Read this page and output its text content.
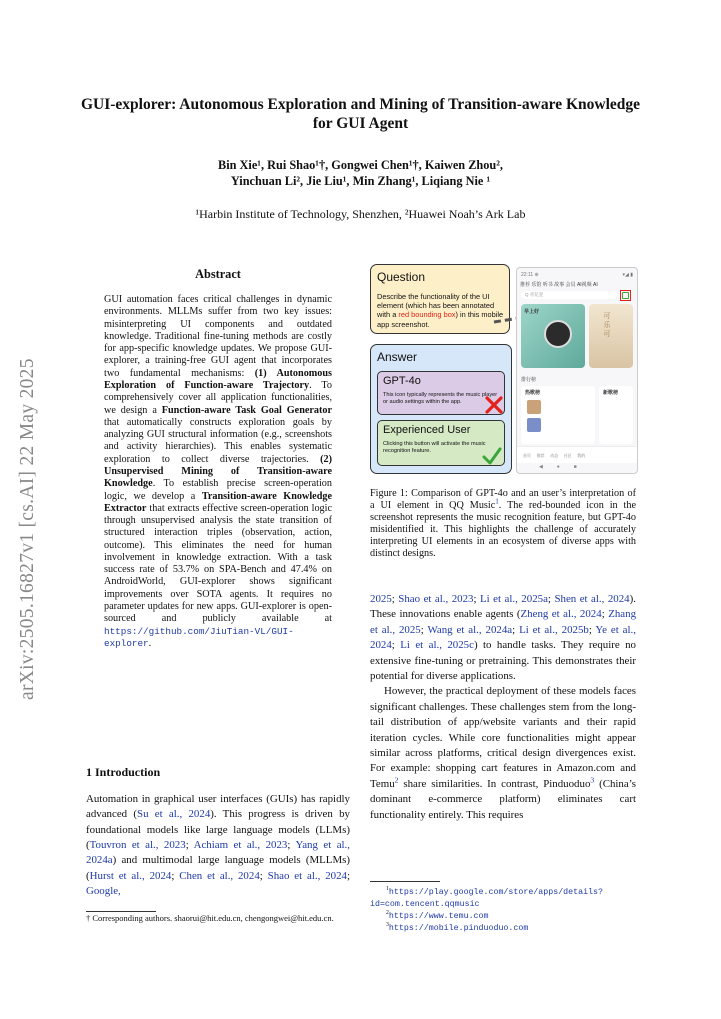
arXiv:2505.16827v1 [cs.AI] 22 May 2025
GUI-explorer: Autonomous Exploration and Mining of Transition-aware Knowledge for GUI Agent
Bin Xie¹, Rui Shao¹†, Gongwei Chen¹†, Kaiwen Zhou²,
Yinchuan Li², Jie Liu¹, Min Zhang¹, Liqiang Nie ¹
¹Harbin Institute of Technology, Shenzhen, ²Huawei Noah’s Ark Lab
Abstract

GUI automation faces critical challenges in dynamic environments. MLLMs suffer from two key issues: misinterpreting UI components and outdated knowledge. Traditional fine-tuning methods are costly for app-specific knowledge updates. We propose GUI-explorer, a training-free GUI agent that incorporates two fundamental mechanisms: (1) Autonomous Exploration of Function-aware Trajectory. To comprehensively cover all application functionalities, we design a Function-aware Task Goal Generator that automatically constructs exploration goals by analyzing GUI structural information (e.g., screenshots and activity hierarchies). This enables systematic exploration to collect diverse trajectories. (2) Unsupervised Mining of Transition-aware Knowledge. To establish precise screen-operation logic, we develop a Transition-aware Knowledge Extractor that extracts effective screen-operation logic through unsupervised analysis the state transition of structured interaction triples (observation, action, outcome). This eliminates the need for human involvement in knowledge extraction. With a task success rate of 53.7% on SPA-Bench and 47.4% on AndroidWorld, GUI-explorer shows significant improvements over SOTA agents. It requires no parameter updates for new apps. GUI-explorer is open-sourced and publicly available at https://github.com/JiuTian-VL/GUI-explorer.

1 Introduction

Automation in graphical user interfaces (GUIs) has rapidly advanced (Su et al., 2024). This progress is driven by foundational models like large language models (LLMs) (Touvron et al., 2023; Achiam et al., 2023; Yang et al., 2024a) and multimodal large language models (MLLMs) (Hurst et al., 2024; Chen et al., 2024; Shao et al., 2024; Google,

† Corresponding authors. shaorui@hit.edu.cn, chengongwei@hit.edu.cn.
Question
Describe the functionality of the UI element (which has been annotated with a red bounding box) in this mobile app screenshot.
Answer
GPT-4o
This icon typically represents the music player or audio settings within the app.
Experienced User
Clicking this button will activate the music recognition feature.
22:11 ⊕	▾◢ ▮
推荐 乐馆 听书 故事 会员 AI视频 AI
Q 青花瓷
早上好	可 乐 可
排行榜
热歌榜	新歌榜
首页 推荐 动态 社区 我的
◀          ●          ■
Figure 1: Comparison of GPT-4o and an user’s interpretation of a UI element in QQ Music$^1$. The red-bounded icon in the screenshot represents the music recognition feature, but GPT-4o misidentified it. This highlights the challenge of accurately interpreting UI elements in an ecosystem of diverse apps with distinct designs.

2025; Shao et al., 2023; Li et al., 2025a; Shen et al., 2024). These innovations enable agents (Zheng et al., 2024; Zhang et al., 2025; Wang et al., 2024a; Li et al., 2025b; Ye et al., 2024; Li et al., 2025c) to handle tasks. They require no extensive fine-tuning or pretraining. This demonstrates their potential for diverse applications.

However, the practical deployment of these models faces significant challenges. These challenges stem from the long-tail distribution of app/website variants and their rapid iteration cycles. While core functionalities might appear similar across platforms, critical design divergences exist. For example: shopping cart features in Amazon.com and Temu$^2$ share similarities. In contrast, Pinduoduo$^3$ (China’s dominant e-commerce platform) eliminates cart functionality entirely. This requires

$^1$https://play.google.com/store/apps/details?
id=com.tencent.qqmusic
$^2$https://www.temu.com
$^3$https://mobile.pinduoduo.com
